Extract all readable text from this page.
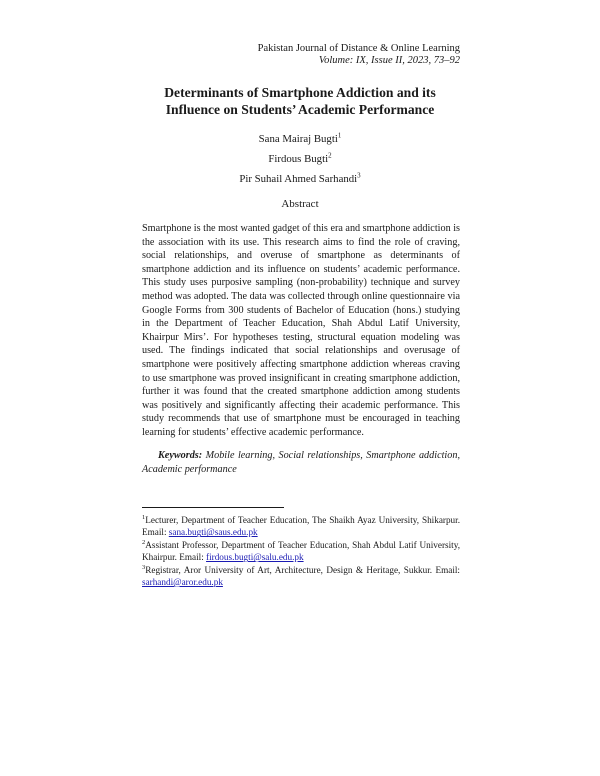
Pakistan Journal of Distance & Online Learning
Volume: IX, Issue II, 2023, 73–92
Determinants of Smartphone Addiction and its
Influence on Students’ Academic Performance
Sana Mairaj Bugti$^1$
Firdous Bugti$^2$
Pir Suhail Ahmed Sarhandi$^3$
Abstract
Smartphone is the most wanted gadget of this era and smartphone addiction is the association with its use. This research aims to find the role of craving, social relationships, and overuse of smartphone as determinants of smartphone addiction and its influence on students’ academic performance. This study uses purposive sampling (non-probability) technique and survey method was adopted. The data was collected through online questionnaire via Google Forms from 300 students of Bachelor of Education (hons.) studying in the Department of Teacher Education, Shah Abdul Latif University, Khairpur Mirs’. For hypotheses testing, structural equation modeling was used. The findings indicated that social relationships and overusage of smartphone were positively affecting smartphone addiction whereas craving to use smartphone was proved insignificant in creating smartphone addiction, further it was found that the created smartphone addiction among students was positively and significantly affecting their academic performance. This study recommends that use of smartphone must be encouraged in teaching learning for students’ effective academic performance.
Keywords: Mobile learning, Social relationships, Smartphone addiction, Academic performance

$^1$Lecturer, Department of Teacher Education, The Shaikh Ayaz University, Shikarpur. Email: sana.bugti@saus.edu.pk

$^2$Assistant Professor, Department of Teacher Education, Shah Abdul Latif University, Khairpur. Email: firdous.bugti@salu.edu.pk

$^3$Registrar, Aror University of Art, Architecture, Design & Heritage, Sukkur. Email: sarhandi@aror.edu.pk
